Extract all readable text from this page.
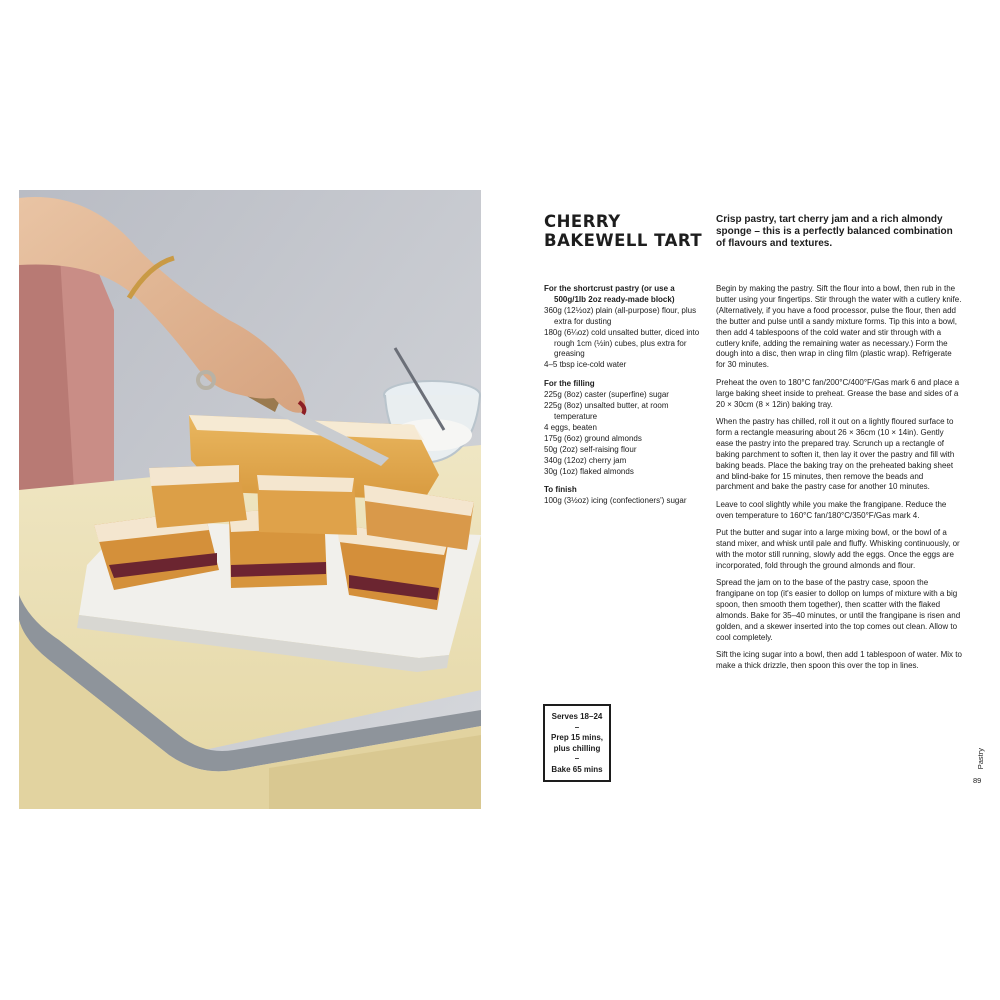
CHERRY
BAKEWELL TART

Crisp pastry, tart cherry jam and a rich almondy sponge – this is a perfectly balanced combination of flavours and textures.

For the shortcrust pastry (or use a 500g/1lb 2oz ready-made block)
360g (12½oz) plain (all-purpose) flour, plus extra for dusting
180g (6¼oz) cold unsalted butter, diced into rough 1cm (½in) cubes, plus extra for greasing
4–5 tbsp ice-cold water
For the filling
225g (8oz) caster (superfine) sugar
225g (8oz) unsalted butter, at room temperature
4 eggs, beaten
175g (6oz) ground almonds
50g (2oz) self-raising flour
340g (12oz) cherry jam
30g (1oz) flaked almonds
To finish
100g (3½oz) icing (confectioners') sugar

Begin by making the pastry. Sift the flour into a bowl, then rub in the butter using your fingertips. Stir through the water with a cutlery knife. (Alternatively, if you have a food processor, pulse the flour, then add the butter and pulse until a sandy mixture forms. Tip this into a bowl, then add 4 tablespoons of the cold water and stir through with a cutlery knife, adding the remaining water as necessary.) Form the dough into a disc, then wrap in cling film (plastic wrap). Refrigerate for 30 minutes.

Preheat the oven to 180°C fan/200°C/400°F/Gas mark 6 and place a large baking sheet inside to preheat. Grease the base and sides of a 20 × 30cm (8 × 12in) baking tray.

When the pastry has chilled, roll it out on a lightly floured surface to form a rectangle measuring about 26 × 36cm (10 × 14in). Gently ease the pastry into the prepared tray. Scrunch up a rectangle of baking parchment to soften it, then lay it over the pastry and fill with baking beads. Place the baking tray on the preheated baking sheet and blind-bake for 15 minutes, then remove the beads and parchment and bake the pastry case for another 10 minutes.

Leave to cool slightly while you make the frangipane. Reduce the oven temperature to 160°C fan/180°C/350°F/Gas mark 4.

Put the butter and sugar into a large mixing bowl, or the bowl of a stand mixer, and whisk until pale and fluffy. Whisking continuously, or with the motor still running, slowly add the eggs. Once the eggs are incorporated, fold through the ground almonds and flour.

Spread the jam on to the base of the pastry case, spoon the frangipane on top (it's easier to dollop on lumps of mixture with a big spoon, then smooth them together), then scatter with the flaked almonds. Bake for 35–40 minutes, or until the frangipane is risen and golden, and a skewer inserted into the top comes out clean. Allow to cool completely.

Sift the icing sugar into a bowl, then add 1 tablespoon of water. Mix to make a thick drizzle, then spoon this over the top in lines.

Serves 18–24
–
Prep 15 mins,
plus chilling
–
Bake 65 mins	Pastry
89
